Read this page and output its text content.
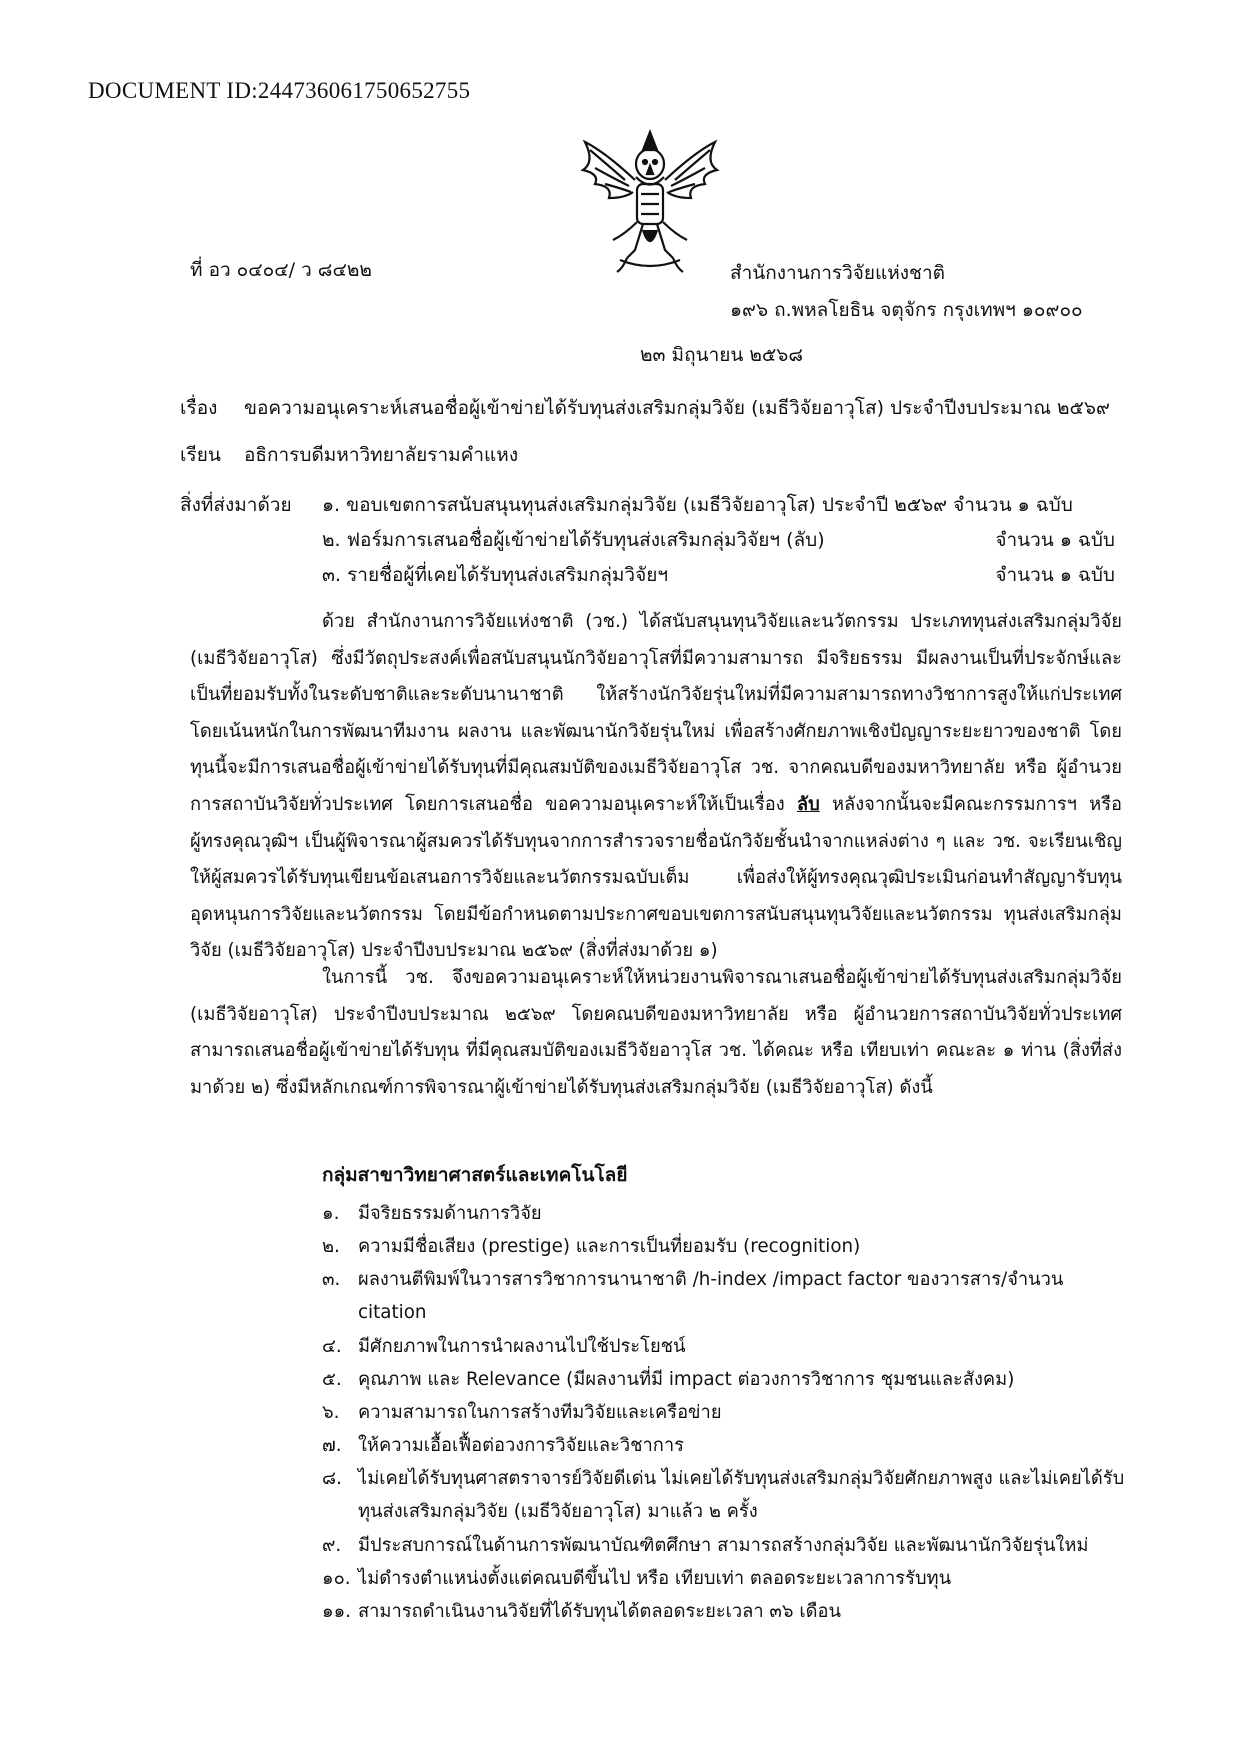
DOCUMENT ID:244736061750652755
ที่ อว ๐๔๐๔/ ว ๘๔๒๒	สำนักงานการวิจัยแห่งชาติ
๑๙๖ ถ.พหลโยธิน จตุจักร กรุงเทพฯ ๑๐๙๐๐
๒๓ มิถุนายน ๒๕๖๘
เรื่อง ขอความอนุเคราะห์เสนอชื่อผู้เข้าข่ายได้รับทุนส่งเสริมกลุ่มวิจัย (เมธีวิจัยอาวุโส) ประจำปีงบประมาณ ๒๕๖๙
เรียน อธิการบดีมหาวิทยาลัยรามคำแหง
สิ่งที่ส่งมาด้วย ๑. ขอบเขตการสนับสนุนทุนส่งเสริมกลุ่มวิจัย (เมธีวิจัยอาวุโส) ประจำปี ๒๕๖๙ จำนวน ๑ ฉบับ
๒. ฟอร์มการเสนอชื่อผู้เข้าข่ายได้รับทุนส่งเสริมกลุ่มวิจัยฯ (ลับ)	จำนวน ๑ ฉบับ
๓. รายชื่อผู้ที่เคยได้รับทุนส่งเสริมกลุ่มวิจัยฯ	จำนวน ๑ ฉบับ

ด้วย สำนักงานการวิจัยแห่งชาติ (วช.) ได้สนับสนุนทุนวิจัยและนวัตกรรม ประเภททุนส่งเสริมกลุ่มวิจัย (เมธีวิจัยอาวุโส) ซึ่งมีวัตถุประสงค์เพื่อสนับสนุนนักวิจัยอาวุโสที่มีความสามารถ มีจริยธรรม มีผลงานเป็นที่ประจักษ์และเป็นที่ยอมรับทั้งในระดับชาติและระดับนานาชาติ ให้สร้างนักวิจัยรุ่นใหม่ที่มีความสามารถทางวิชาการสูงให้แก่ประเทศ โดยเน้นหนักในการพัฒนาทีมงาน ผลงาน และพัฒนานักวิจัยรุ่นใหม่ เพื่อสร้างศักยภาพเชิงปัญญาระยะยาวของชาติ โดยทุนนี้จะมีการเสนอชื่อผู้เข้าข่ายได้รับทุนที่มีคุณสมบัติของเมธีวิจัยอาวุโส วช. จากคณบดีของมหาวิทยาลัย หรือ ผู้อำนวยการสถาบันวิจัยทั่วประเทศ โดยการเสนอชื่อ ขอความอนุเคราะห์ให้เป็นเรื่อง ลับ หลังจากนั้นจะมีคณะกรรมการฯ หรือผู้ทรงคุณวุฒิฯ เป็นผู้พิจารณาผู้สมควรได้รับทุนจากการสำรวจรายชื่อนักวิจัยชั้นนำจากแหล่งต่าง ๆ และ วช. จะเรียนเชิญให้ผู้สมควรได้รับทุนเขียนข้อเสนอการวิจัยและนวัตกรรมฉบับเต็ม เพื่อส่งให้ผู้ทรงคุณวุฒิประเมินก่อนทำสัญญารับทุนอุดหนุนการวิจัยและนวัตกรรม โดยมีข้อกำหนดตามประกาศขอบเขตการสนับสนุนทุนวิจัยและนวัตกรรม ทุนส่งเสริมกลุ่มวิจัย (เมธีวิจัยอาวุโส) ประจำปีงบประมาณ ๒๕๖๙ (สิ่งที่ส่งมาด้วย ๑)

ในการนี้ วช. จึงขอความอนุเคราะห์ให้หน่วยงานพิจารณาเสนอชื่อผู้เข้าข่ายได้รับทุนส่งเสริมกลุ่มวิจัย (เมธีวิจัยอาวุโส) ประจำปีงบประมาณ ๒๕๖๙ โดยคณบดีของมหาวิทยาลัย หรือ ผู้อำนวยการสถาบันวิจัยทั่วประเทศ สามารถเสนอชื่อผู้เข้าข่ายได้รับทุน ที่มีคุณสมบัติของเมธีวิจัยอาวุโส วช. ได้คณะ หรือ เทียบเท่า คณะละ ๑ ท่าน (สิ่งที่ส่งมาด้วย ๒) ซึ่งมีหลักเกณฑ์การพิจารณาผู้เข้าข่ายได้รับทุนส่งเสริมกลุ่มวิจัย (เมธีวิจัยอาวุโส) ดังนี้

กลุ่มสาขาวิทยาศาสตร์และเทคโนโลยี
๑.	มีจริยธรรมด้านการวิจัย
๒. ความมีชื่อเสียง (prestige) และการเป็นที่ยอมรับ (recognition)
๓. ผลงานตีพิมพ์ในวารสารวิชาการนานาชาติ /h-index /impact factor ของวารสาร/จำนวน citation
๔. มีศักยภาพในการนำผลงานไปใช้ประโยชน์
๕. คุณภาพ และ Relevance (มีผลงานที่มี impact ต่อวงการวิชาการ ชุมชนและสังคม)
๖.	ความสามารถในการสร้างทีมวิจัยและเครือข่าย
๗. ให้ความเอื้อเฟื้อต่อวงการวิจัยและวิชาการ
๘. ไม่เคยได้รับทุนศาสตราจารย์วิจัยดีเด่น ไม่เคยได้รับทุนส่งเสริมกลุ่มวิจัยศักยภาพสูง และไม่เคยได้รับทุนส่งเสริมกลุ่มวิจัย (เมธีวิจัยอาวุโส) มาแล้ว ๒ ครั้ง
๙. มีประสบการณ์ในด้านการพัฒนาบัณฑิตศึกษา สามารถสร้างกลุ่มวิจัย และพัฒนานักวิจัยรุ่นใหม่
๑๐. ไม่ดำรงตำแหน่งตั้งแต่คณบดีขึ้นไป หรือ เทียบเท่า ตลอดระยะเวลาการรับทุน
๑๑. สามารถดำเนินงานวิจัยที่ได้รับทุนได้ตลอดระยะเวลา ๓๖ เดือน
